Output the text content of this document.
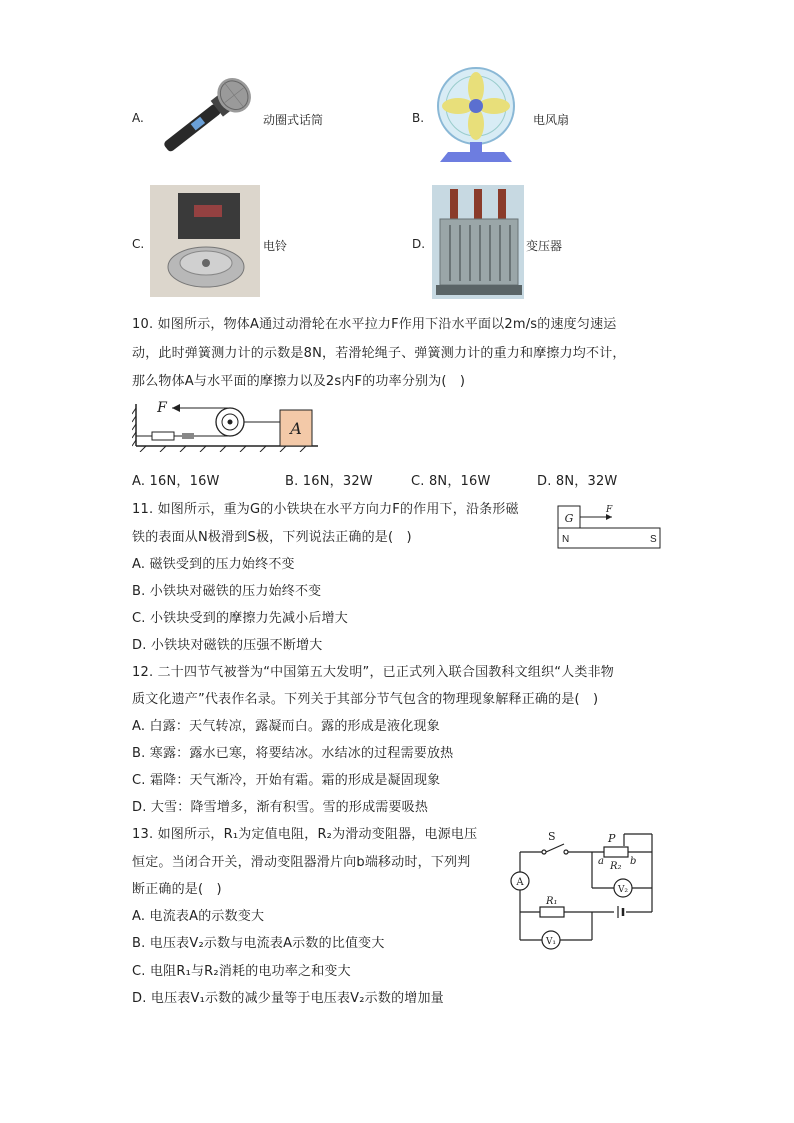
A.	动圈式话筒	B.	电风扇
C.	电铃	D.	变压器
10. 如图所示，物体A通过动滑轮在水平拉力F作用下沿水平面以2m/s的速度匀速运
动，此时弹簧测力计的示数是8N，若滑轮绳子、弹簧测力计的重力和摩擦力均不计，
那么物体A与水平面的摩擦力以及2s内F的功率分别为(　)
F
A
A. 16N，16W	B. 16N，32W	C. 8N，16W	D. 8N，32W
11. 如图所示，重为G的小铁块在水平方向力F的作用下，沿条形磁
铁的表面从N极滑到S极，下列说法正确的是(　)
G
F
N	S
A. 磁铁受到的压力始终不变
B. 小铁块对磁铁的压力始终不变
C. 小铁块受到的摩擦力先减小后增大
D. 小铁块对磁铁的压强不断增大
12. 二十四节气被誉为“中国第五大发明”，已正式列入联合国教科文组织“人类非物
质文化遗产”代表作名录。下列关于其部分节气包含的物理现象解释正确的是(　)
A. 白露：天气转凉，露凝而白。露的形成是液化现象
B. 寒露：露水已寒，将要结冰。水结冰的过程需要放热
C. 霜降：天气渐冷，开始有霜。霜的形成是凝固现象
D. 大雪：降雪增多，渐有积雪。雪的形成需要吸热
13. 如图所示，R₁为定值电阻，R₂为滑动变阻器，电源电压
恒定。当闭合开关，滑动变阻器滑片向b端移动时，下列判
断正确的是(　)	A
V₂
V₁
S	P
a	b
R₂
R₁
A. 电流表A的示数变大
B. 电压表V₂示数与电流表A示数的比值变大
C. 电阻R₁与R₂消耗的电功率之和变大
D. 电压表V₁示数的减少量等于电压表V₂示数的增加量
